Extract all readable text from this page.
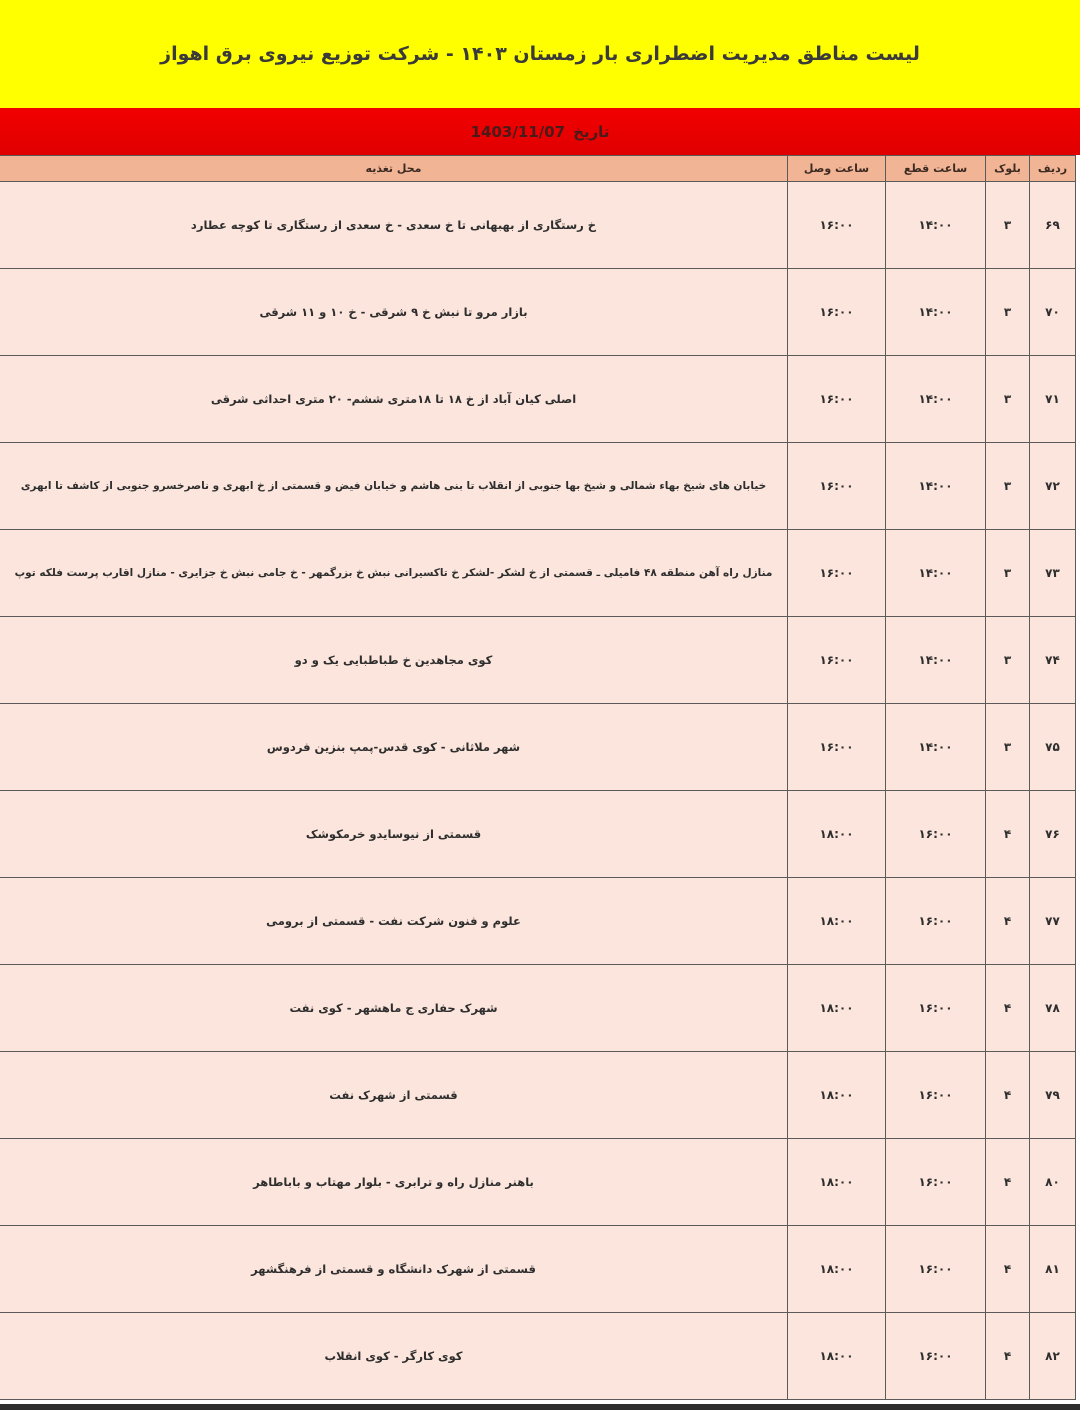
لیست مناطق مدیریت اضطراری بار زمستان ۱۴۰۳ - شرکت توزیع نیروی برق اهواز
تاریخ
1403/11/07
ردیف	بلوک	ساعت قطع	ساعت وصل	محل تغذیه
۶۹	۳	۱۴:۰۰	۱۶:۰۰	خ رستگاری از بهبهانی تا خ سعدی - خ سعدی از رستگاری تا کوچه عطارد
۷۰	۳	۱۴:۰۰	۱۶:۰۰	بازار مرو تا نبش خ ۹ شرقی - خ ۱۰ و ۱۱ شرقی
۷۱	۳	۱۴:۰۰	۱۶:۰۰	اصلی کیان آباد از خ ۱۸ تا ۱۸متری ششم- ۲۰ متری احداثی شرقی
۷۲	۳	۱۴:۰۰	۱۶:۰۰	خیابان های شیخ بهاء شمالی و شیخ بها جنوبی از انقلاب تا بنی هاشم و خیابان فیض و قسمتی از خ ابهری و ناصرخسرو جنوبی از کاشف تا ابهری
۷۳	۳	۱۴:۰۰	۱۶:۰۰	منازل راه آهن منطقه ۴۸ فامیلی ـ قسمتی از خ لشکر -لشکر خ تاکسیرانی نبش خ بزرگمهر - خ جامی نبش خ جزایری - منازل اقارب پرست فلکه توپ
۷۴	۳	۱۴:۰۰	۱۶:۰۰	کوی مجاهدین خ طباطبایی یک و دو
۷۵	۳	۱۴:۰۰	۱۶:۰۰	شهر ملاثانی - کوی قدس-پمپ بنزین فردوس
۷۶	۴	۱۶:۰۰	۱۸:۰۰	قسمتی از نیوسایدو خرمکوشک
۷۷	۴	۱۶:۰۰	۱۸:۰۰	علوم و فنون شرکت نفت - قسمتی از برومی
۷۸	۴	۱۶:۰۰	۱۸:۰۰	شهرک حفاری ج ماهشهر - کوی نفت
۷۹	۴	۱۶:۰۰	۱۸:۰۰	قسمتی از شهرک نفت
۸۰	۴	۱۶:۰۰	۱۸:۰۰	باهنر منازل راه و ترابری - بلوار مهتاب و باباطاهر
۸۱	۴	۱۶:۰۰	۱۸:۰۰	قسمتی از شهرک دانشگاه و قسمتی از فرهنگشهر
۸۲	۴	۱۶:۰۰	۱۸:۰۰	کوی کارگر - کوی انقلاب
